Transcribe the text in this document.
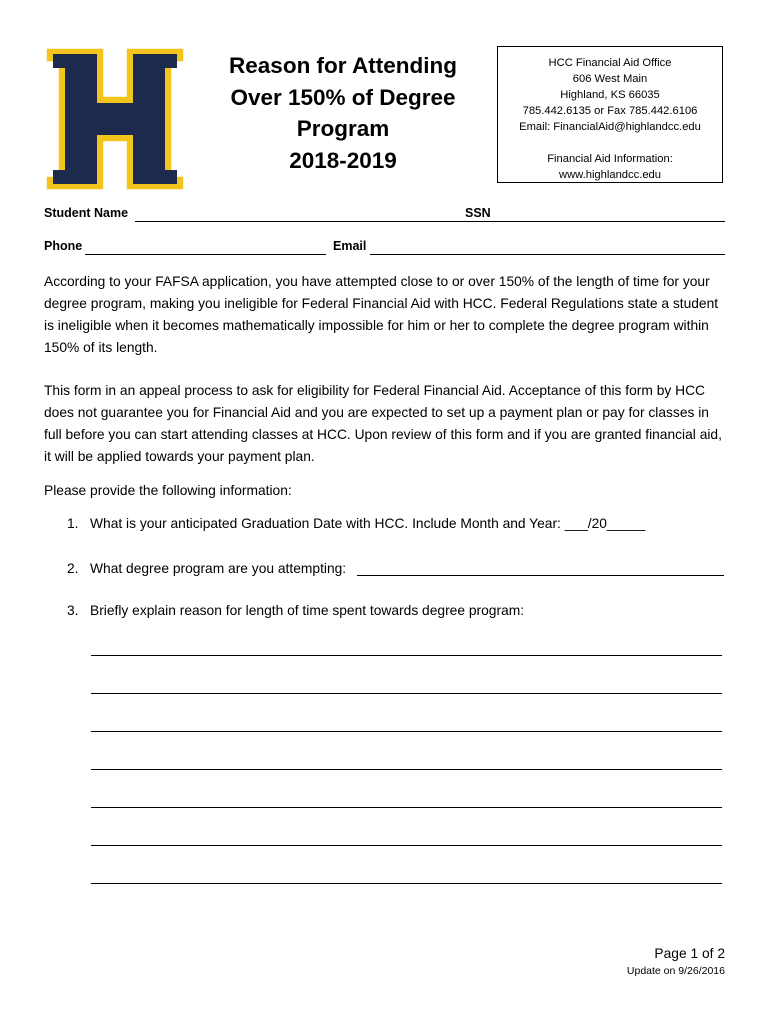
Reason for Attending
Over 150% of Degree
Program
2018-2019
HCC Financial Aid Office
606 West Main
Highland, KS 66035
785.442.6135 or Fax 785.442.6106
Email: FinancialAid@highlandcc.edu
Financial Aid Information:
www.highlandcc.edu
Student Name	SSN
Phone	Email

According to your FAFSA application, you have attempted close to or over 150% of the length of time for your degree program, making you ineligible for Federal Financial Aid with HCC. Federal Regulations state a student is ineligible when it becomes mathematically impossible for him or her to complete the degree program within 150% of its length.

This form in an appeal process to ask for eligibility for Federal Financial Aid. Acceptance of this form by HCC does not guarantee you for Financial Aid and you are expected to set up a payment plan or pay for classes in full before you can start attending classes at HCC. Upon review of this form and if you are granted financial aid, it will be applied towards your payment plan.

Please provide the following information:

1. What is your anticipated Graduation Date with HCC. Include Month and Year: ___/20_____
2. What degree program are you attempting:
3. Briefly explain reason for length of time spent towards degree program:
Page 1 of 2
Update on 9/26/2016
